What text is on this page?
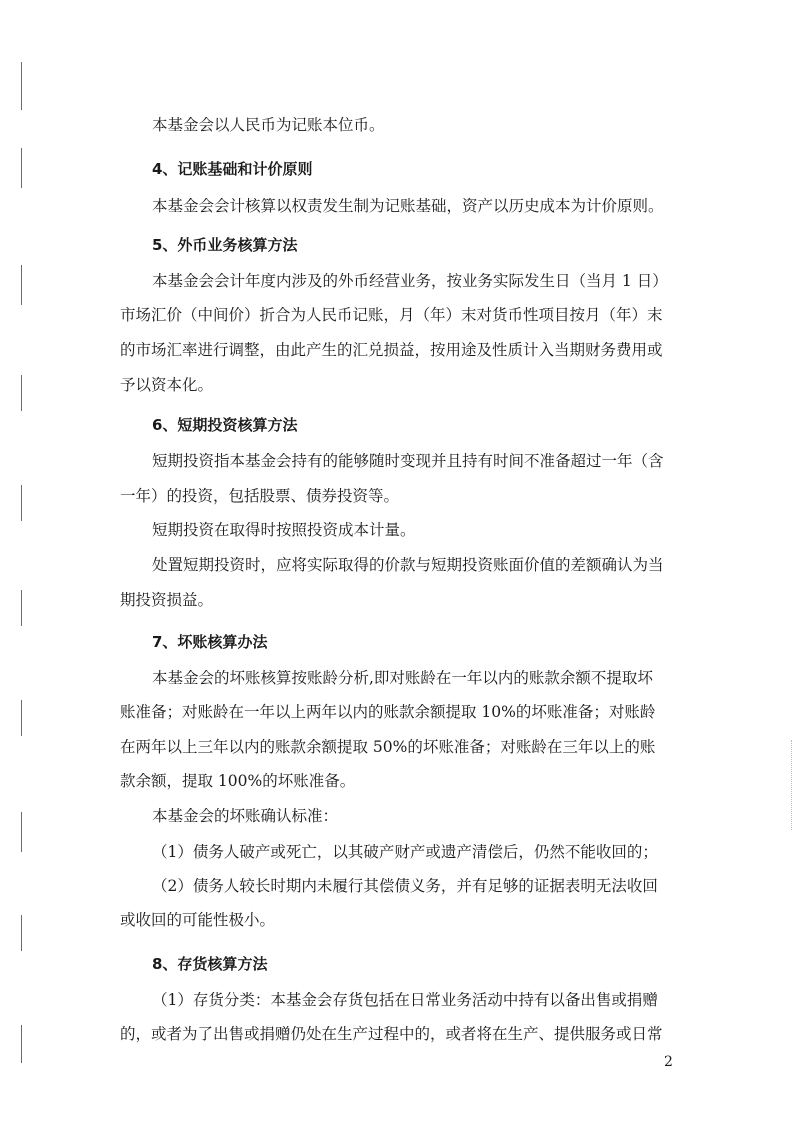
本基金会以人民币为记账本位币。
4、记账基础和计价原则
本基金会会计核算以权责发生制为记账基础，资产以历史成本为计价原则。
5、外币业务核算方法
本基金会会计年度内涉及的外币经营业务，按业务实际发生日（当月 1 日）
市场汇价（中间价）折合为人民币记账，月（年）末对货币性项目按月（年）末
的市场汇率进行调整，由此产生的汇兑损益，按用途及性质计入当期财务费用或
予以资本化。
6、短期投资核算方法
短期投资指本基金会持有的能够随时变现并且持有时间不准备超过一年（含
一年）的投资，包括股票、债券投资等。
短期投资在取得时按照投资成本计量。
处置短期投资时，应将实际取得的价款与短期投资账面价值的差额确认为当
期投资损益。
7、坏账核算办法
本基金会的坏账核算按账龄分析,即对账龄在一年以内的账款余额不提取坏
账准备；对账龄在一年以上两年以内的账款余额提取 10%的坏账准备；对账龄
在两年以上三年以内的账款余额提取 50%的坏账准备；对账龄在三年以上的账
款余额，提取 100%的坏账准备。
本基金会的坏账确认标准：
（1）债务人破产或死亡，以其破产财产或遗产清偿后，仍然不能收回的；
（2）债务人较长时期内未履行其偿债义务，并有足够的证据表明无法收回
或收回的可能性极小。
8、存货核算方法
（1）存货分类：本基金会存货包括在日常业务活动中持有以备出售或捐赠
的，或者为了出售或捐赠仍处在生产过程中的，或者将在生产、提供服务或日常
2
